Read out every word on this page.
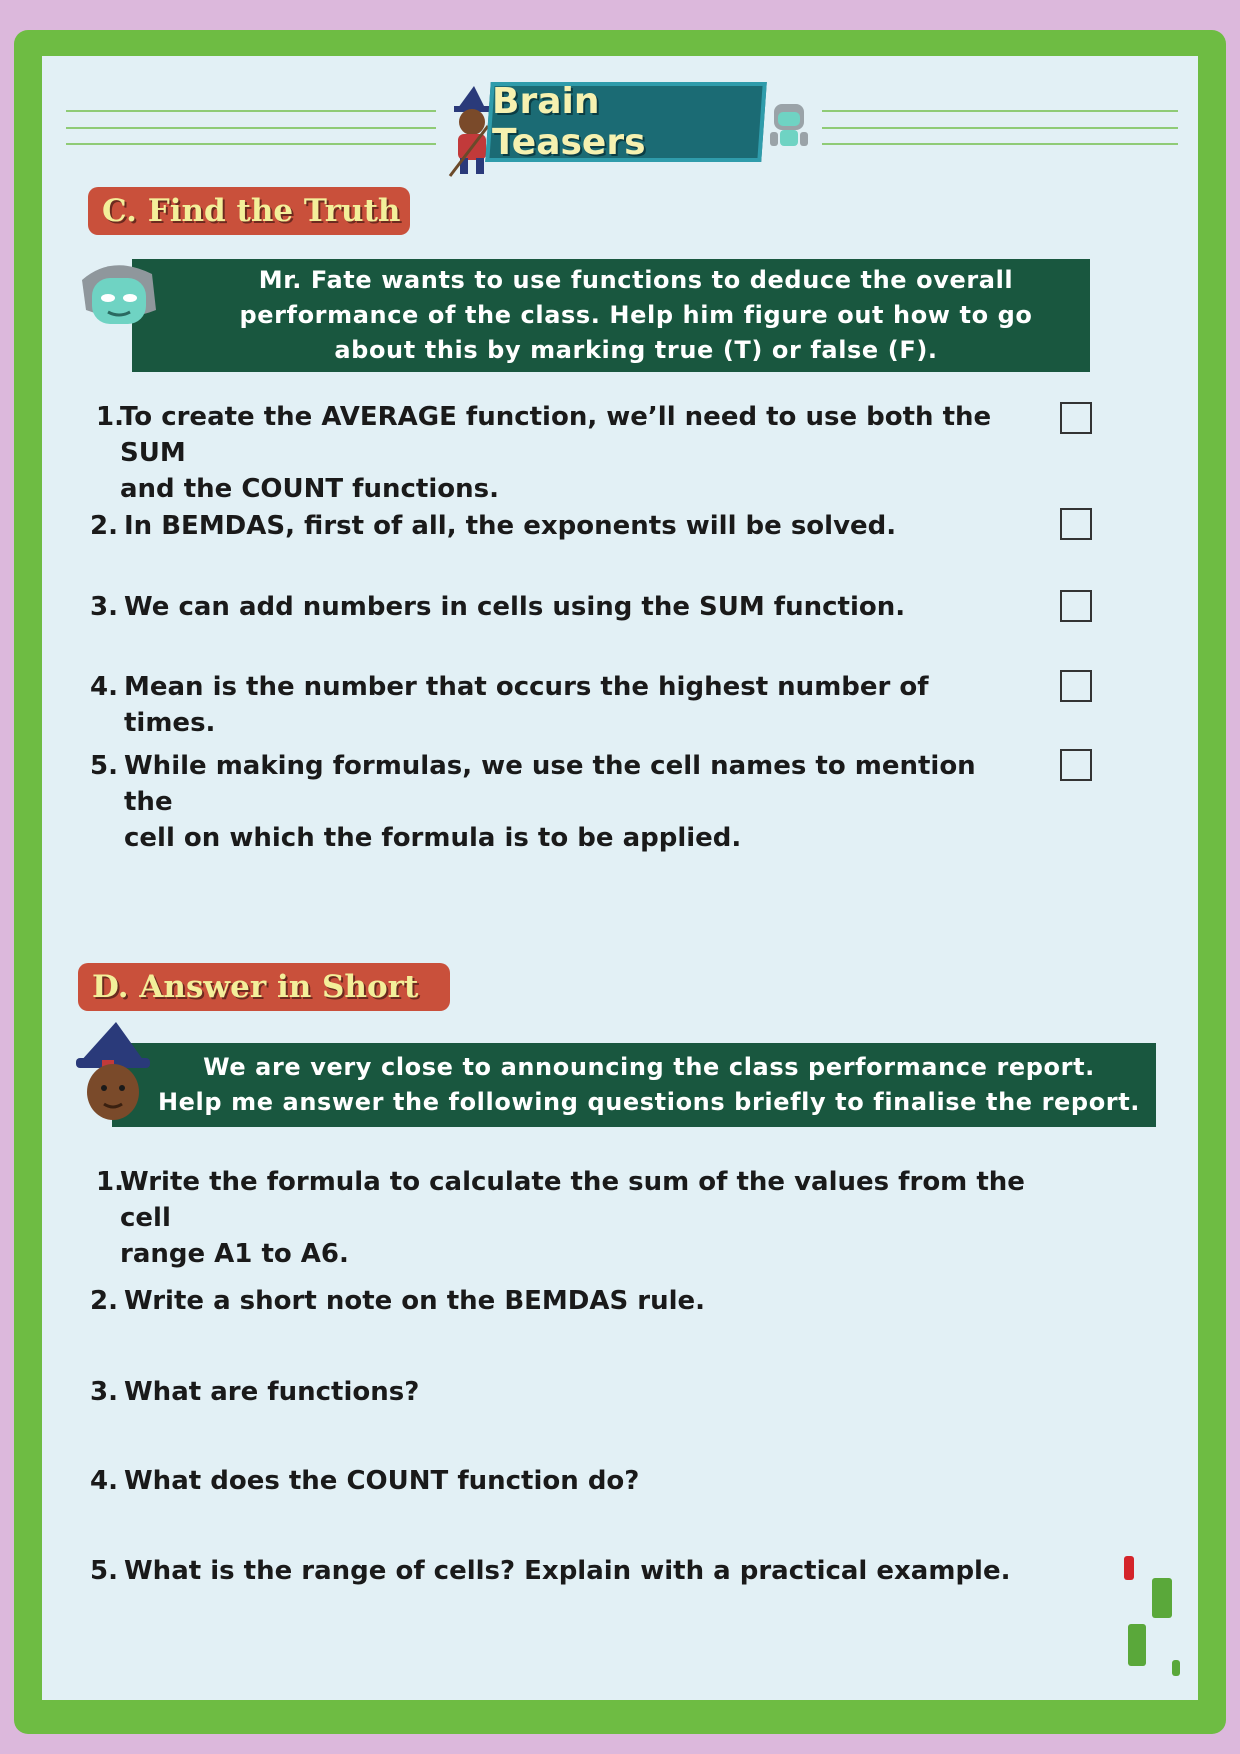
Brain Teasers
C. Find the Truth
Mr. Fate wants to use functions to deduce the overall
performance of the class. Help him figure out how to go
about this by marking true (T) or false (F).
1.
To create the AVERAGE function, we’ll need to use both the SUM
and the COUNT functions.
2. In BEMDAS, first of all, the exponents will be solved.
3. We can add numbers in cells using the SUM function.
4. Mean is the number that occurs the highest number of times.
5. While making formulas, we use the cell names to mention the
cell on which the formula is to be applied.
D. Answer in Short
We are very close to announcing the class performance report.
Help me answer the following questions briefly to finalise the report.
1.
Write the formula to calculate the sum of the values from the cell
range A1 to A6.
2. Write a short note on the BEMDAS rule.
3. What are functions?
4. What does the COUNT function do?
5. What is the range of cells? Explain with a practical example.
